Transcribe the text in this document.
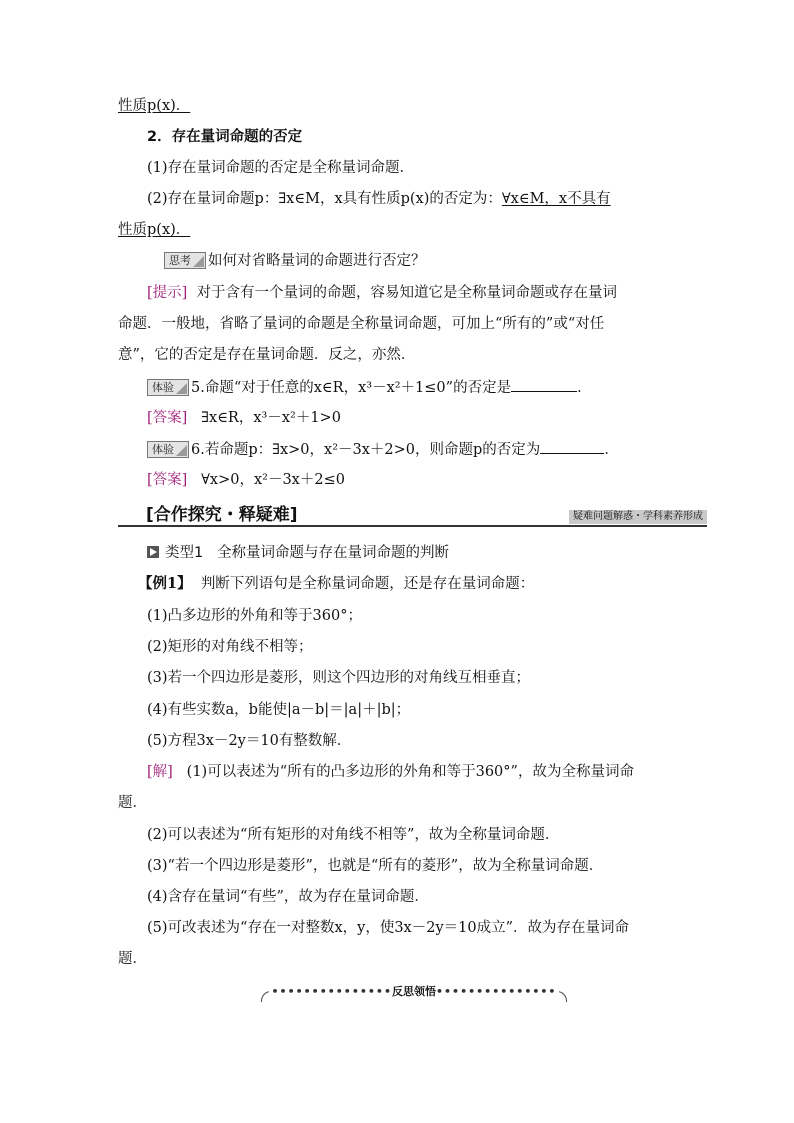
性质p(x)．
2．存在量词命题的否定
(1)存在量词命题的否定是全称量词命题．
(2)存在量词命题p：∃x∈M，x具有性质p(x)的否定为：∀x∈M，x不具有
性质p(x)．
思考 如何对省略量词的命题进行否定？
[提示] 对于含有一个量词的命题，容易知道它是全称量词命题或存在量词
命题．一般地，省略了量词的命题是全称量词命题，可加上“所有的”或“对任
意”，它的否定是存在量词命题．反之，亦然．
体验 5.命题“对于任意的x∈R，x³－x²＋1≤0”的否定是	．
[答案] ∃x∈R，x³－x²＋1>0
体验 6.若命题p：∃x>0，x²－3x＋2>0，则命题p的否定为	．
[答案] ∀x>0，x²－3x＋2≤0
[合作探究・释疑难]	疑难问题解惑・学科素养形成
类型1 全称量词命题与存在量词命题的判断
【例1】 判断下列语句是全称量词命题，还是存在量词命题：
(1)凸多边形的外角和等于360°；
(2)矩形的对角线不相等；
(3)若一个四边形是菱形，则这个四边形的对角线互相垂直；
(4)有些实数a，b能使|a－b|＝|a|＋|b|；
(5)方程3x－2y＝10有整数解．
[解] (1)可以表述为“所有的凸多边形的外角和等于360°”，故为全称量词命
题．
(2)可以表述为“所有矩形的对角线不相等”，故为全称量词命题．
(3)“若一个四边形是菱形”，也就是“所有的菱形”，故为全称量词命题．
(4)含存在量词“有些”，故为存在量词命题．
(5)可改表述为“存在一对整数x，y，使3x－2y＝10成立”．故为存在量词命
题．
•••••••••••••••反思领悟•••••••••••••••
